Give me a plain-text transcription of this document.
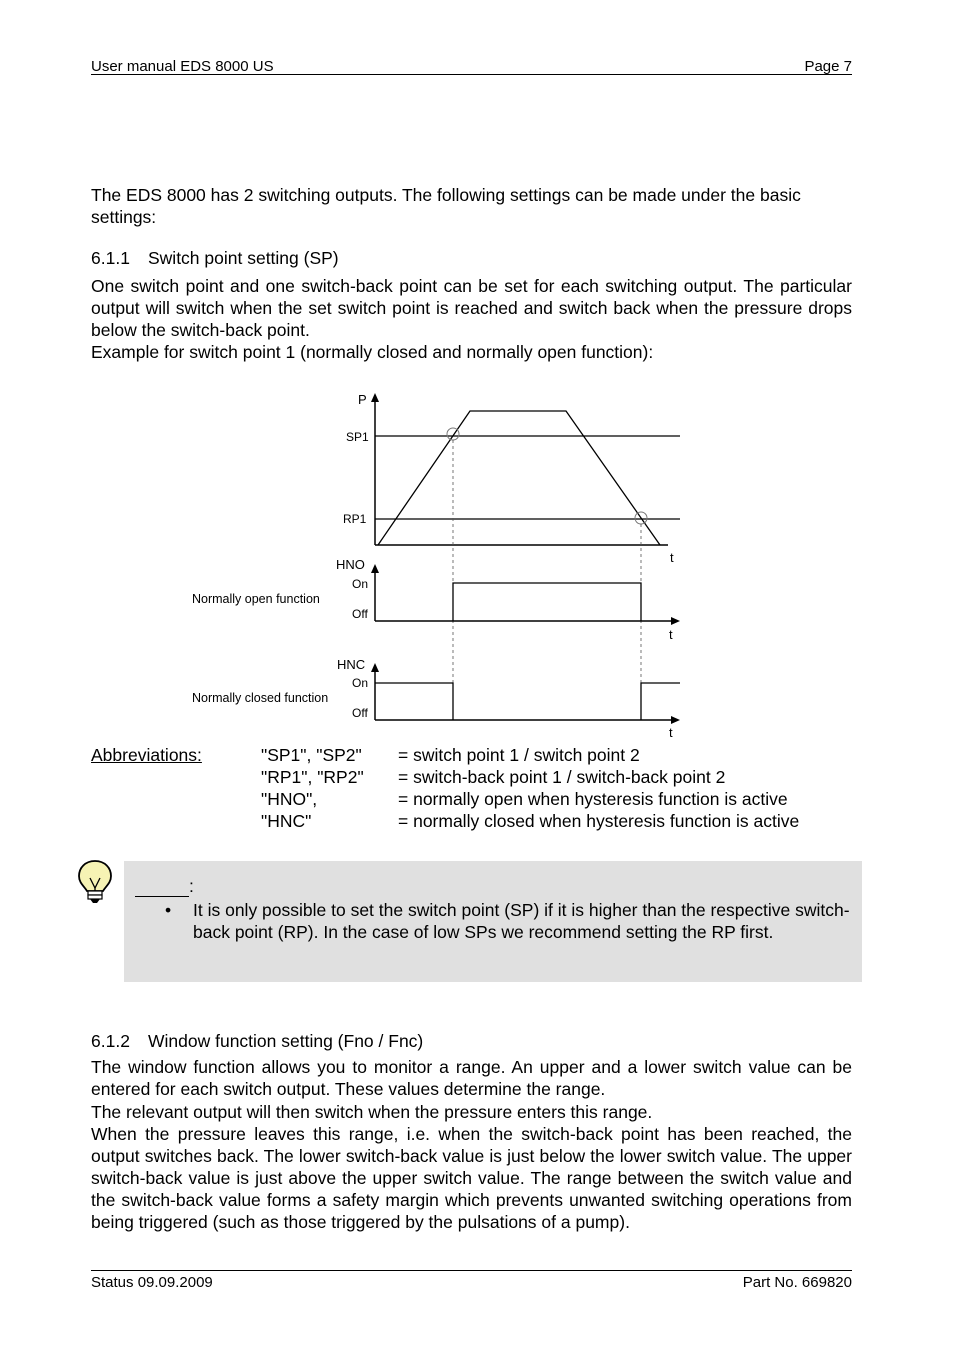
User manual EDS 8000 US	Page 7
The EDS 8000 has 2 switching outputs. The following settings can be made under the basic settings:
6.1.1 Switch point setting (SP)
One switch point and one switch-back point can be set for each switching output. The particular output will switch when the set switch point is reached and switch back when the pressure drops below the switch-back point.
Example for switch point 1 (normally closed and normally open function):
P
SP1
RP1
t
HNO
On
Off
Normally open function
t
HNC
On
Off
Normally closed function
t
Abbreviations:	"SP1", "SP2" = switch point 1 / switch point 2
"RP1", "RP2" = switch-back point 1 / switch-back point 2
"HNO",	= normally open when hysteresis function is active
"HNC"	= normally closed when hysteresis function is active
:
• It is only possible to set the switch point (SP) if it is higher than the respective switch-back point (RP). In the case of low SPs we recommend setting the RP first.
6.1.2 Window function setting (Fno / Fnc)
The window function allows you to monitor a range. An upper and a lower switch value can be entered for each switch output. These values determine the range.
The relevant output will then switch when the pressure enters this range.
When the pressure leaves this range, i.e. when the switch-back point has been reached, the output switches back. The lower switch-back value is just below the lower switch value. The upper switch-back value is just above the upper switch value. The range between the switch value and the switch-back value forms a safety margin which prevents unwanted switching operations from being triggered (such as those triggered by the pulsations of a pump).
Status 09.09.2009	Part No. 669820
